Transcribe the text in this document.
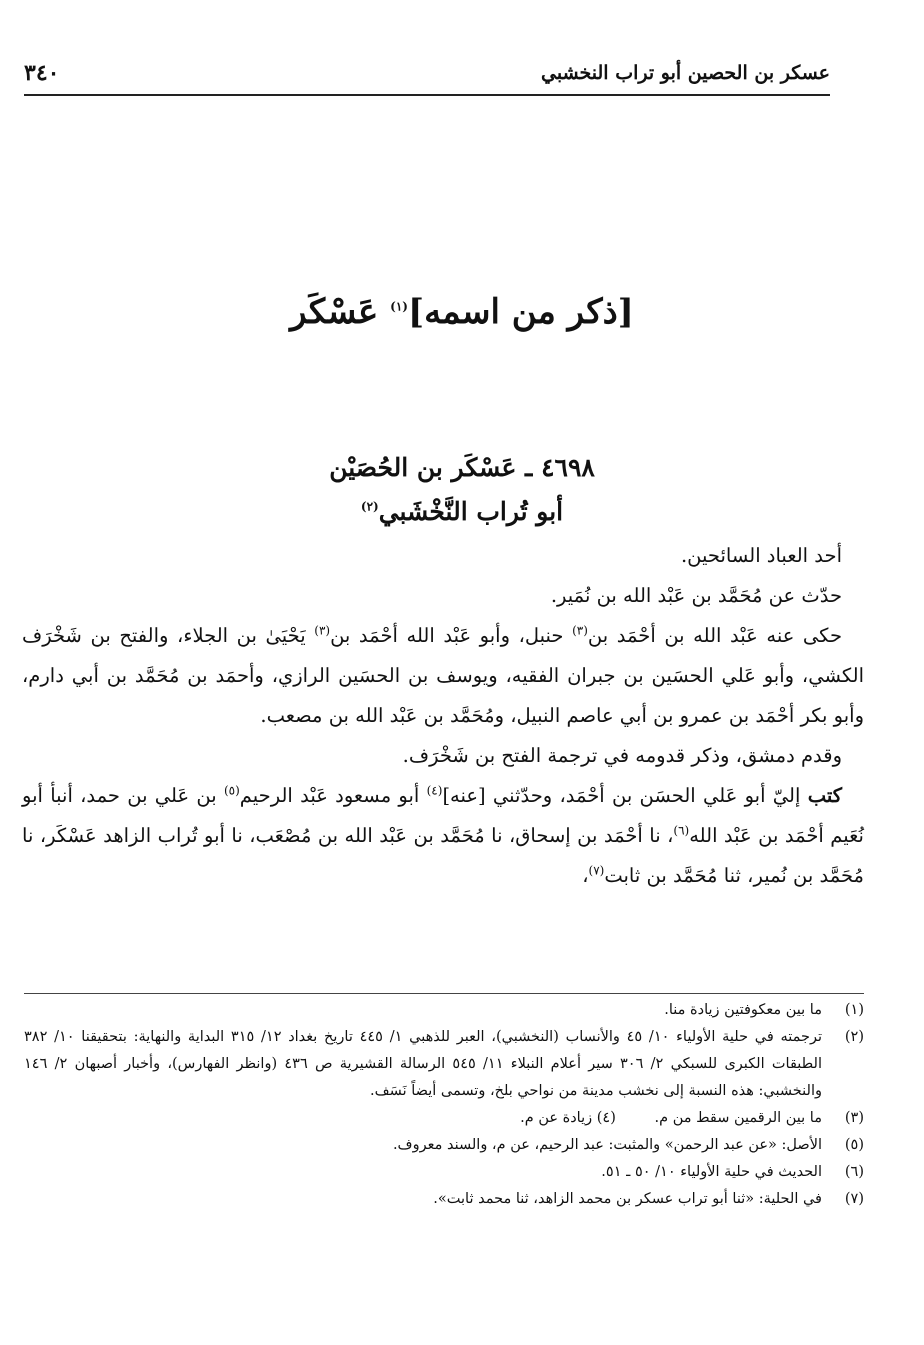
عسكر بن الحصين أبو تراب النخشبي
٣٤٠
[ذكر من اسمه]$^{(١)}$ عَسْكَر
٤٦٩٨ ـ عَسْكَر بن الحُصَيْن
أبو تُراب النَّخْشَبي$^{(٢)}$

أحد العباد السائحين.

حدّث عن مُحَمَّد بن عَبْد الله بن نُمَير.

حكى عنه عَبْد الله بن أحْمَد بن$^{(٣)}$ حنبل، وأبو عَبْد الله أحْمَد بن$^{(٣)}$ يَحْيَىٰ بن الجلاء، والفتح بن شَخْرَف الكشي، وأبو عَلي الحسَين بن جبران الفقيه، ويوسف بن الحسَين الرازي، وأحمَد بن مُحَمَّد بن أبي دارم، وأبو بكر أحْمَد بن عمرو بن أبي عاصم النبيل، ومُحَمَّد بن عَبْد الله بن مصعب.

وقدم دمشق، وذكر قدومه في ترجمة الفتح بن شَخْرَف.

كتب إليّ أبو عَلي الحسَن بن أحْمَد، وحدّثني [عنه]$^{(٤)}$ أبو مسعود عَبْد الرحيم$^{(٥)}$ بن عَلي بن حمد، أنبأ أبو نُعَيم أحْمَد بن عَبْد الله$^{(٦)}$، نا أحْمَد بن إسحاق، نا مُحَمَّد بن عَبْد الله بن مُصْعَب، نا أبو تُراب الزاهد عَسْكَر، نا مُحَمَّد بن نُمير، ثنا مُحَمَّد بن ثابت$^{(٧)}$،

(١)
ما بين معكوفتين زيادة منا.
(٢)
ترجمته في حلية الأولياء ١٠/ ٤٥ والأنساب (النخشبي)، العبر للذهبي ١/ ٤٤٥ تاريخ بغداد ١٢/ ٣١٥ البداية والنهاية: بتحقيقنا ١٠/ ٣٨٢ الطبقات الكبرى للسبكي ٢/ ٣٠٦ سير أعلام النبلاء ١١/ ٥٤٥ الرسالة القشيرية ص ٤٣٦ (وانظر الفهارس)، وأخبار أصبهان ٢/ ١٤٦ والنخشبي: هذه النسبة إلى نخشب مدينة من نواحي بلخ، وتسمى أيضاً نَسَف.
(٣)
ما بين الرقمين سقط من م. (٤) زيادة عن م.
(٥)
الأصل: «عن عبد الرحمن» والمثبت: عبد الرحيم، عن م، والسند معروف.
(٦)
الحديث في حلية الأولياء ١٠/ ٥٠ ـ ٥١.
(٧)
في الحلية: «ثنا أبو تراب عسكر بن محمد الزاهد، ثنا محمد ثابت».
